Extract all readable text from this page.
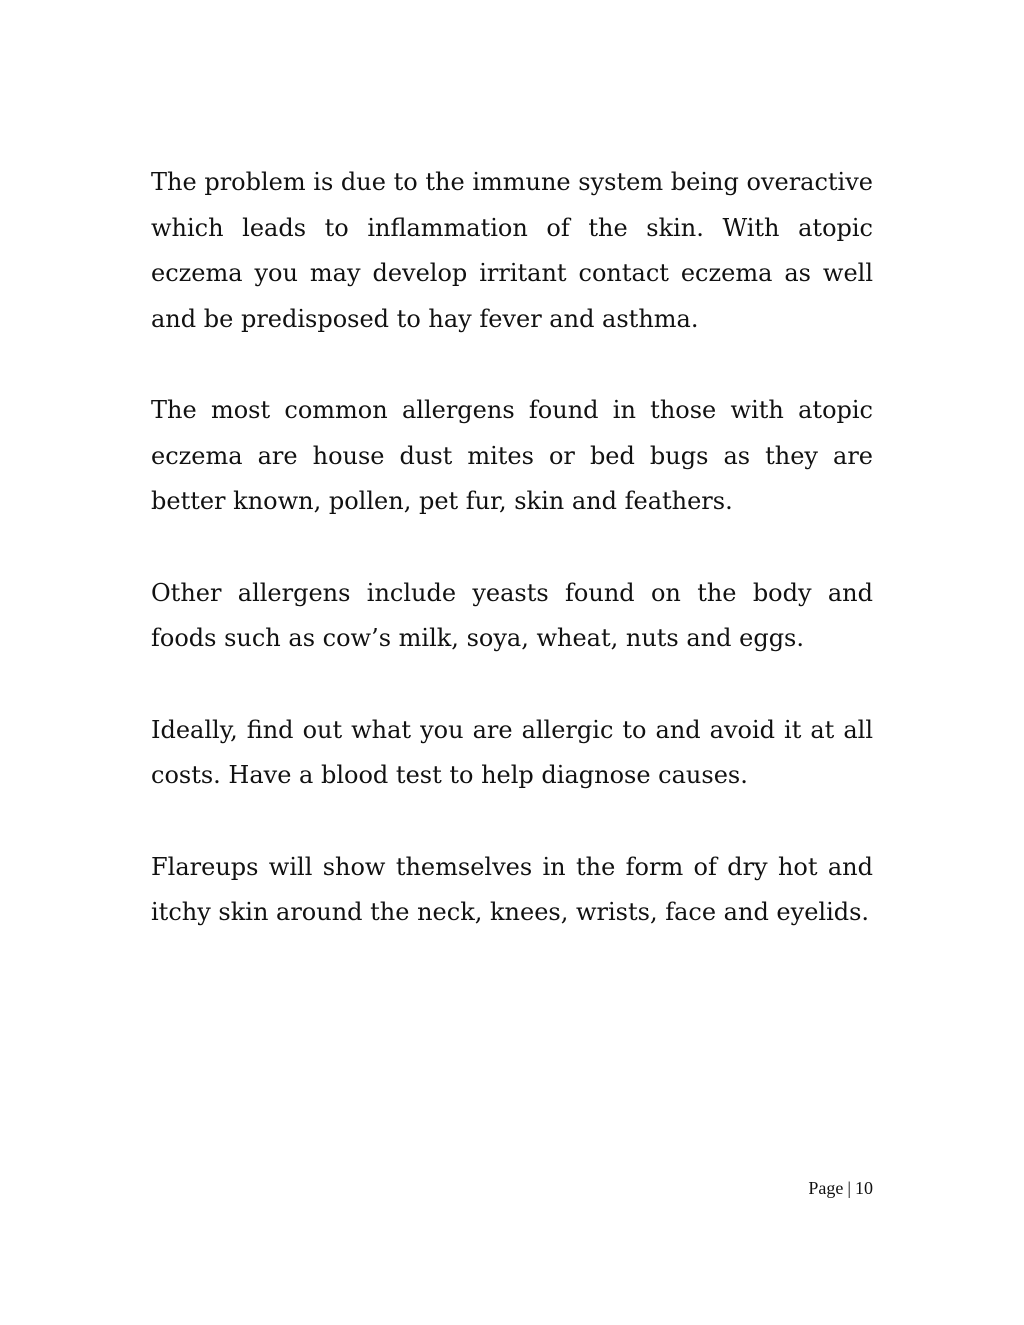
The problem is due to the immune system being overactive which leads to inflammation of the skin. With atopic eczema you may develop irritant contact eczema as well and be predisposed to hay fever and asthma.

The most common allergens found in those with atopic eczema are house dust mites or bed bugs as they are better known, pollen, pet fur, skin and feathers.

Other allergens include yeasts found on the body and foods such as cow’s milk, soya, wheat, nuts and eggs.

Ideally, find out what you are allergic to and avoid it at all costs. Have a blood test to help diagnose causes.

Flareups will show themselves in the form of dry hot and itchy skin around the neck, knees, wrists, face and eyelids.

Page | 10
